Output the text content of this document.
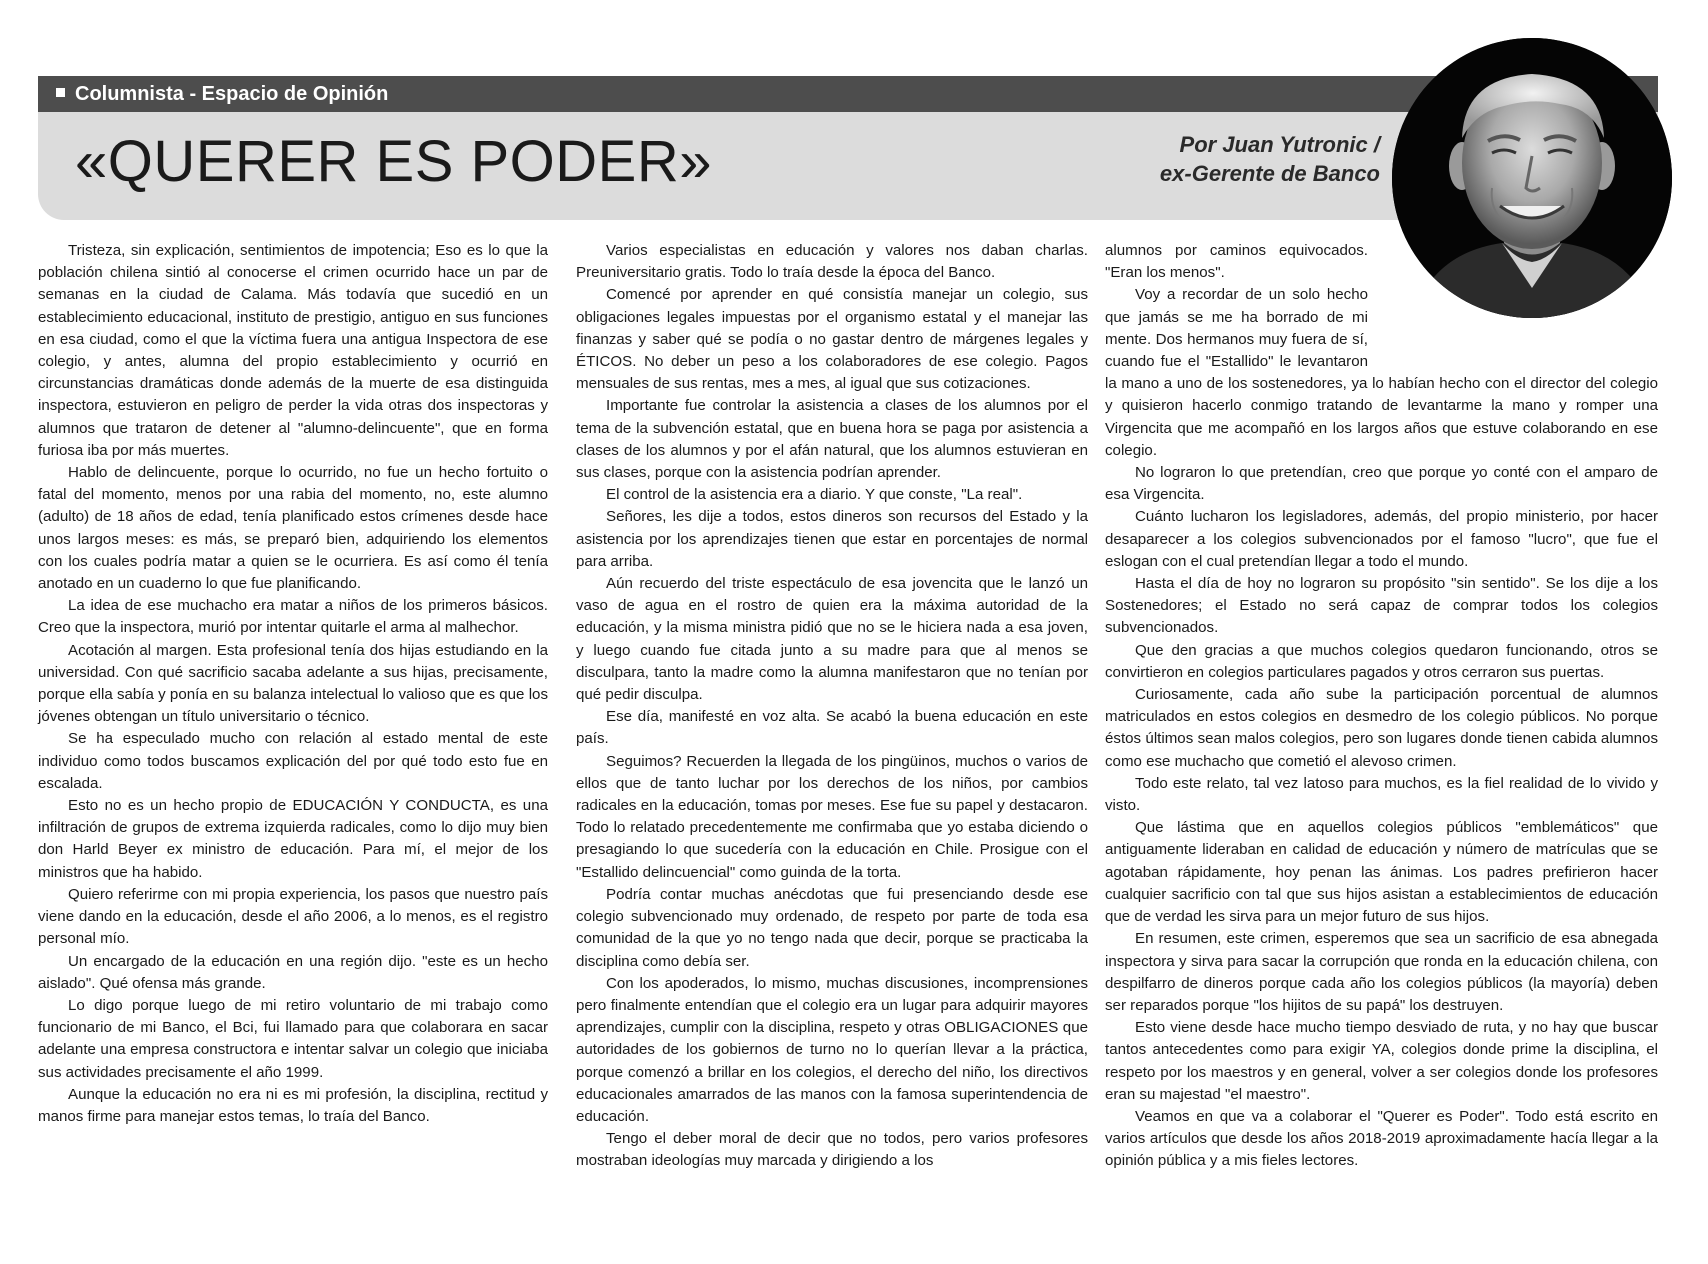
Columnista - Espacio de Opinión
«QUERER ES PODER»	Por Juan Yutronic /
ex-Gerente de Banco

Tristeza, sin explicación, sentimientos de impotencia; Eso es lo que la población chilena sintió al conocerse el crimen ocurrido hace un par de semanas en la ciudad de Calama. Más todavía que sucedió en un establecimiento educacional, instituto de prestigio, antiguo en sus funciones en esa ciudad, como el que la víctima fuera una antigua Inspectora de ese colegio, y antes, alumna del propio establecimiento y ocurrió en circunstancias dramáticas donde además de la muerte de esa distinguida inspectora, estuvieron en peligro de perder la vida otras dos inspectoras y alumnos que trataron de detener al "alumno-delincuente", que en forma furiosa iba por más muertes.

Hablo de delincuente, porque lo ocurrido, no fue un hecho fortuito o fatal del momento, menos por una rabia del momento, no, este alumno (adulto) de 18 años de edad, tenía planificado estos crímenes desde hace unos largos meses: es más, se preparó bien, adquiriendo los elementos con los cuales podría matar a quien se le ocurriera. Es así como él tenía anotado en un cuaderno lo que fue planificando.

La idea de ese muchacho era matar a niños de los primeros básicos. Creo que la inspectora, murió por intentar quitarle el arma al malhechor.

Acotación al margen. Esta profesional tenía dos hijas estudiando en la universidad. Con qué sacrificio sacaba adelante a sus hijas, precisamente, porque ella sabía y ponía en su balanza intelectual lo valioso que es que los jóvenes obtengan un título universitario o técnico.

Se ha especulado mucho con relación al estado mental de este individuo como todos buscamos explicación del por qué todo esto fue en escalada.

Esto no es un hecho propio de EDUCACIÓN Y CONDUCTA, es una infiltración de grupos de extrema izquierda radicales, como lo dijo muy bien don Harld Beyer ex ministro de educación. Para mí, el mejor de los ministros que ha habido.

Quiero referirme con mi propia experiencia, los pasos que nuestro país viene dando en la educación, desde el año 2006, a lo menos, es el registro personal mío.

Un encargado de la educación en una región dijo. "este es un hecho aislado". Qué ofensa más grande.

Lo digo porque luego de mi retiro voluntario de mi trabajo como funcionario de mi Banco, el Bci, fui llamado para que colaborara en sacar adelante una empresa constructora e intentar salvar un colegio que iniciaba sus actividades precisamente el año 1999.

Aunque la educación no era ni es mi profesión, la disciplina, rectitud y manos firme para manejar estos temas, lo traía del Banco.

Varios especialistas en educación y valores nos daban charlas. Preuniversitario gratis. Todo lo traía desde la época del Banco.

Comencé por aprender en qué consistía manejar un colegio, sus obligaciones legales impuestas por el organismo estatal y el manejar las finanzas y saber qué se podía o no gastar dentro de márgenes legales y ÉTICOS. No deber un peso a los colaboradores de ese colegio. Pagos mensuales de sus rentas, mes a mes, al igual que sus cotizaciones.

Importante fue controlar la asistencia a clases de los alumnos por el tema de la subvención estatal, que en buena hora se paga por asistencia a clases de los alumnos y por el afán natural, que los alumnos estuvieran en sus clases, porque con la asistencia podrían aprender.

El control de la asistencia era a diario. Y que conste, "La real".

Señores, les dije a todos, estos dineros son recursos del Estado y la asistencia por los aprendizajes tienen que estar en porcentajes de normal para arriba.

Aún recuerdo del triste espectáculo de esa jovencita que le lanzó un vaso de agua en el rostro de quien era la máxima autoridad de la educación, y la misma ministra pidió que no se le hiciera nada a esa joven, y luego cuando fue citada junto a su madre para que al menos se disculpara, tanto la madre como la alumna manifestaron que no tenían por qué pedir disculpa.

Ese día, manifesté en voz alta. Se acabó la buena educación en este país.

Seguimos? Recuerden la llegada de los pingüinos, muchos o varios de ellos que de tanto luchar por los derechos de los niños, por cambios radicales en la educación, tomas por meses. Ese fue su papel y destacaron. Todo lo relatado precedentemente me confirmaba que yo estaba diciendo o presagiando lo que sucedería con la educación en Chile. Prosigue con el "Estallido delincuencial" como guinda de la torta.

Podría contar muchas anécdotas que fui presenciando desde ese colegio subvencionado muy ordenado, de respeto por parte de toda esa comunidad de la que yo no tengo nada que decir, porque se practicaba la disciplina como debía ser.

Con los apoderados, lo mismo, muchas discusiones, incomprensiones pero finalmente entendían que el colegio era un lugar para adquirir mayores aprendizajes, cumplir con la disciplina, respeto y otras OBLIGACIONES que autoridades de los gobiernos de turno no lo querían llevar a la práctica, porque comenzó a brillar en los colegios, el derecho del niño, los directivos educacionales amarrados de las manos con la famosa superintendencia de educación.

Tengo el deber moral de decir que no todos, pero varios profesores mostraban ideologías muy marcada y dirigiendo a los

alumnos por caminos equivocados. "Eran los menos".

Voy a recordar de un solo hecho que jamás se me ha borrado de mi mente. Dos hermanos muy fuera de sí, cuando fue el "Estallido" le levantaron la mano a uno de los sostenedores, ya lo habían hecho con el director del colegio y quisieron hacerlo conmigo tratando de levantarme la mano y romper una Virgencita que me acompañó en los largos años que estuve colaborando en ese colegio.

No lograron lo que pretendían, creo que porque yo conté con el amparo de esa Virgencita.

Cuánto lucharon los legisladores, además, del propio ministerio, por hacer desaparecer a los colegios subvencionados por el famoso "lucro", que fue el eslogan con el cual pretendían llegar a todo el mundo.

Hasta el día de hoy no lograron su propósito "sin sentido". Se los dije a los Sostenedores; el Estado no será capaz de comprar todos los colegios subvencionados.

Que den gracias a que muchos colegios quedaron funcionando, otros se convirtieron en colegios particulares pagados y otros cerraron sus puertas.

Curiosamente, cada año sube la participación porcentual de alumnos matriculados en estos colegios en desmedro de los colegio públicos. No porque éstos últimos sean malos colegios, pero son lugares donde tienen cabida alumnos como ese muchacho que cometió el alevoso crimen.

Todo este relato, tal vez latoso para muchos, es la fiel realidad de lo vivido y visto.

Que lástima que en aquellos colegios públicos "emblemáticos" que antiguamente lideraban en calidad de educación y número de matrículas que se agotaban rápidamente, hoy penan las ánimas. Los padres prefirieron hacer cualquier sacrificio con tal que sus hijos asistan a establecimientos de educación que de verdad les sirva para un mejor futuro de sus hijos.

En resumen, este crimen, esperemos que sea un sacrificio de esa abnegada inspectora y sirva para sacar la corrupción que ronda en la educación chilena, con despilfarro de dineros porque cada año los colegios públicos (la mayoría) deben ser reparados porque "los hijitos de su papá" los destruyen.

Esto viene desde hace mucho tiempo desviado de ruta, y no hay que buscar tantos antecedentes como para exigir YA, colegios donde prime la disciplina, el respeto por los maestros y en general, volver a ser colegios donde los profesores eran su majestad "el maestro".

Veamos en que va a colaborar el "Querer es Poder". Todo está escrito en varios artículos que desde los años 2018-2019 aproximadamente hacía llegar a la opinión pública y a mis fieles lectores.
